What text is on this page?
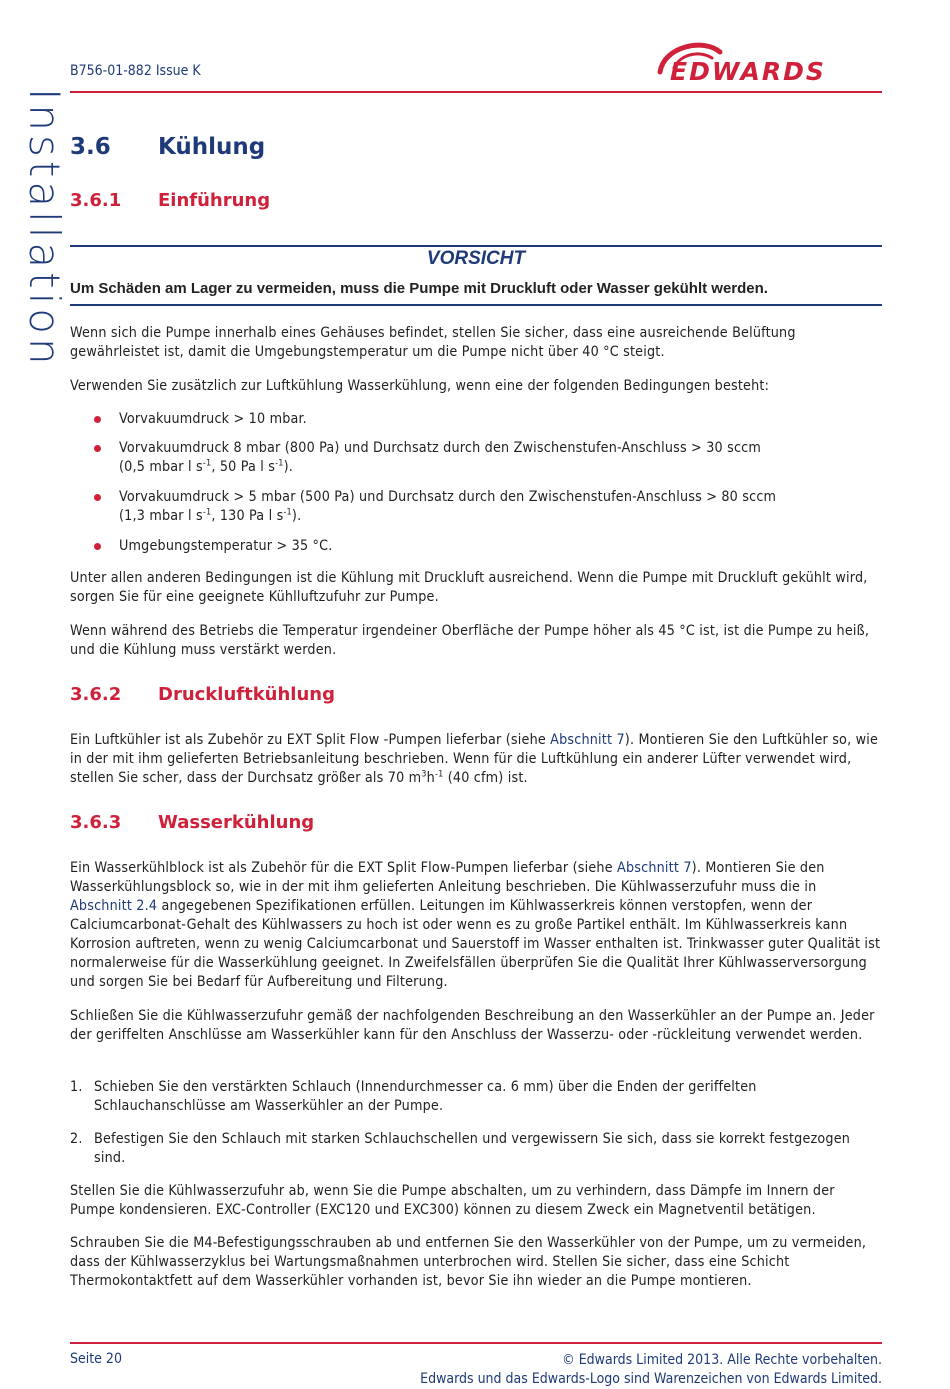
Installation

B756-01-882 Issue K	EDWARDS
3.6 Kühlung
3.6.1 Einführung

VORSICHT

Um Schäden am Lager zu vermeiden, muss die Pumpe mit Druckluft oder Wasser gekühlt werden.

Wenn sich die Pumpe innerhalb eines Gehäuses befindet, stellen Sie sicher, dass eine ausreichende Belüftung gewährleistet ist, damit die Umgebungstemperatur um die Pumpe nicht über 40 °C steigt.

Verwenden Sie zusätzlich zur Luftkühlung Wasserkühlung, wenn eine der folgenden Bedingungen besteht:

Vorvakuumdruck > 10 mbar.
Vorvakuumdruck 8 mbar (800 Pa) und Durchsatz durch den Zwischenstufen-Anschluss > 30 sccm
(0,5 mbar l $s^{-1}$, 50 Pa l $s^{-1}$).
Vorvakuumdruck > 5 mbar (500 Pa) und Durchsatz durch den Zwischenstufen-Anschluss > 80 sccm
(1,3 mbar l $s^{-1}$, 130 Pa l $s^{-1}$).
Umgebungstemperatur > 35 °C.

Unter allen anderen Bedingungen ist die Kühlung mit Druckluft ausreichend. Wenn die Pumpe mit Druckluft gekühlt wird, sorgen Sie für eine geeignete Kühlluftzufuhr zur Pumpe.

Wenn während des Betriebs die Temperatur irgendeiner Oberfläche der Pumpe höher als 45 °C ist, ist die Pumpe zu heiß, und die Kühlung muss verstärkt werden.

3.6.2 Druckluftkühlung

Ein Luftkühler ist als Zubehör zu EXT Split Flow -Pumpen lieferbar (siehe Abschnitt 7). Montieren Sie den Luftkühler so, wie in der mit ihm gelieferten Betriebsanleitung beschrieben. Wenn für die Luftkühlung ein anderer Lüfter verwendet wird, stellen Sie scher, dass der Durchsatz größer als 70 $m^3h^{-1}$ (40 cfm) ist.

3.6.3 Wasserkühlung

Ein Wasserkühlblock ist als Zubehör für die EXT Split Flow-Pumpen lieferbar (siehe Abschnitt 7). Montieren Sie den Wasserkühlungsblock so, wie in der mit ihm gelieferten Anleitung beschrieben. Die Kühlwasserzufuhr muss die in Abschnitt 2.4 angegebenen Spezifikationen erfüllen. Leitungen im Kühlwasserkreis können verstopfen, wenn der Calciumcarbonat-Gehalt des Kühlwassers zu hoch ist oder wenn es zu große Partikel enthält. Im Kühlwasserkreis kann Korrosion auftreten, wenn zu wenig Calciumcarbonat und Sauerstoff im Wasser enthalten ist. Trinkwasser guter Qualität ist normalerweise für die Wasserkühlung geeignet. In Zweifelsfällen überprüfen Sie die Qualität Ihrer Kühlwasserversorgung und sorgen Sie bei Bedarf für Aufbereitung und Filterung.

Schließen Sie die Kühlwasserzufuhr gemäß der nachfolgenden Beschreibung an den Wasserkühler an der Pumpe an. Jeder der geriffelten Anschlüsse am Wasserkühler kann für den Anschluss der Wasserzu- oder -rückleitung verwendet werden.

1. Schieben Sie den verstärkten Schlauch (Innendurchmesser ca. 6 mm) über die Enden der geriffelten Schlauchanschlüsse am Wasserkühler an der Pumpe.
2. Befestigen Sie den Schlauch mit starken Schlauchschellen und vergewissern Sie sich, dass sie korrekt festgezogen sind.

Stellen Sie die Kühlwasserzufuhr ab, wenn Sie die Pumpe abschalten, um zu verhindern, dass Dämpfe im Innern der Pumpe kondensieren. EXC-Controller (EXC120 und EXC300) können zu diesem Zweck ein Magnetventil betätigen.

Schrauben Sie die M4-Befestigungsschrauben ab und entfernen Sie den Wasserkühler von der Pumpe, um zu vermeiden, dass der Kühlwasserzyklus bei Wartungsmaßnahmen unterbrochen wird. Stellen Sie sicher, dass eine Schicht Thermokontaktfett auf dem Wasserkühler vorhanden ist, bevor Sie ihn wieder an die Pumpe montieren.

Seite 20	© Edwards Limited 2013. Alle Rechte vorbehalten.
Edwards und das Edwards-Logo sind Warenzeichen von Edwards Limited.
